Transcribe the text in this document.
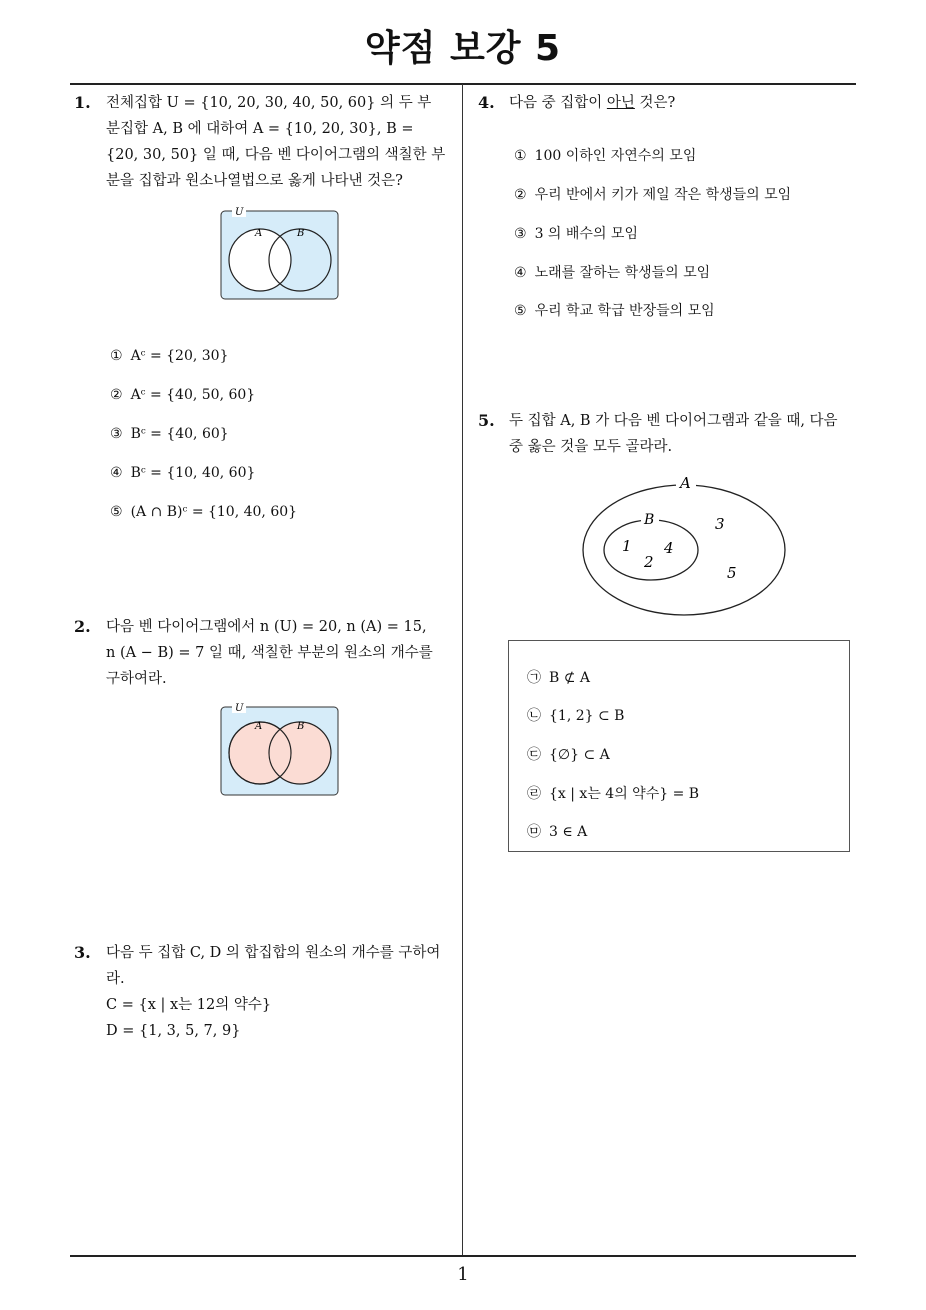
약점 보강 5
1
1. 전체집합 U = {10, 20, 30, 40, 50, 60} 의 두 부
분집합 A, B 에 대하여 A = {10, 20, 30}, B =
{20, 30, 50} 일 때, 다음 벤 다이어그램의 색칠한 부
분을 집합과 원소나열법으로 옳게 나타낸 것은?
U
A	B
① Aᶜ = {20, 30}
② Aᶜ = {40, 50, 60}
③ Bᶜ = {40, 60}
④ Bᶜ = {10, 40, 60}
⑤ (A ∩ B)ᶜ = {10, 40, 60}
2. 다음 벤 다이어그램에서 n (U) = 20, n (A) = 15,
n (A − B) = 7 일 때, 색칠한 부분의 원소의 개수를
구하여라.
U
A	B
3. 다음 두 집합 C, D 의 합집합의 원소의 개수를 구하여
라.
C = {x | x는 12의 약수}
D = {1, 3, 5, 7, 9}
4. 다음 중 집합이 아닌 것은?
① 100 이하인 자연수의 모임
② 우리 반에서 키가 제일 작은 학생들의 모임
③ 3 의 배수의 모임
④ 노래를 잘하는 학생들의 모임
⑤ 우리 학교 학급 반장들의 모임
5. 두 집합 A, B 가 다음 벤 다이어그램과 같을 때, 다음
중 옳은 것을 모두 골라라.
A
B
1
2
4
3
5
㉠ B ⊄ A
㉡ {1, 2} ⊂ B
㉢ {∅} ⊂ A
㉣ {x | x는 4의 약수} = B
㉤ 3 ∈ A
